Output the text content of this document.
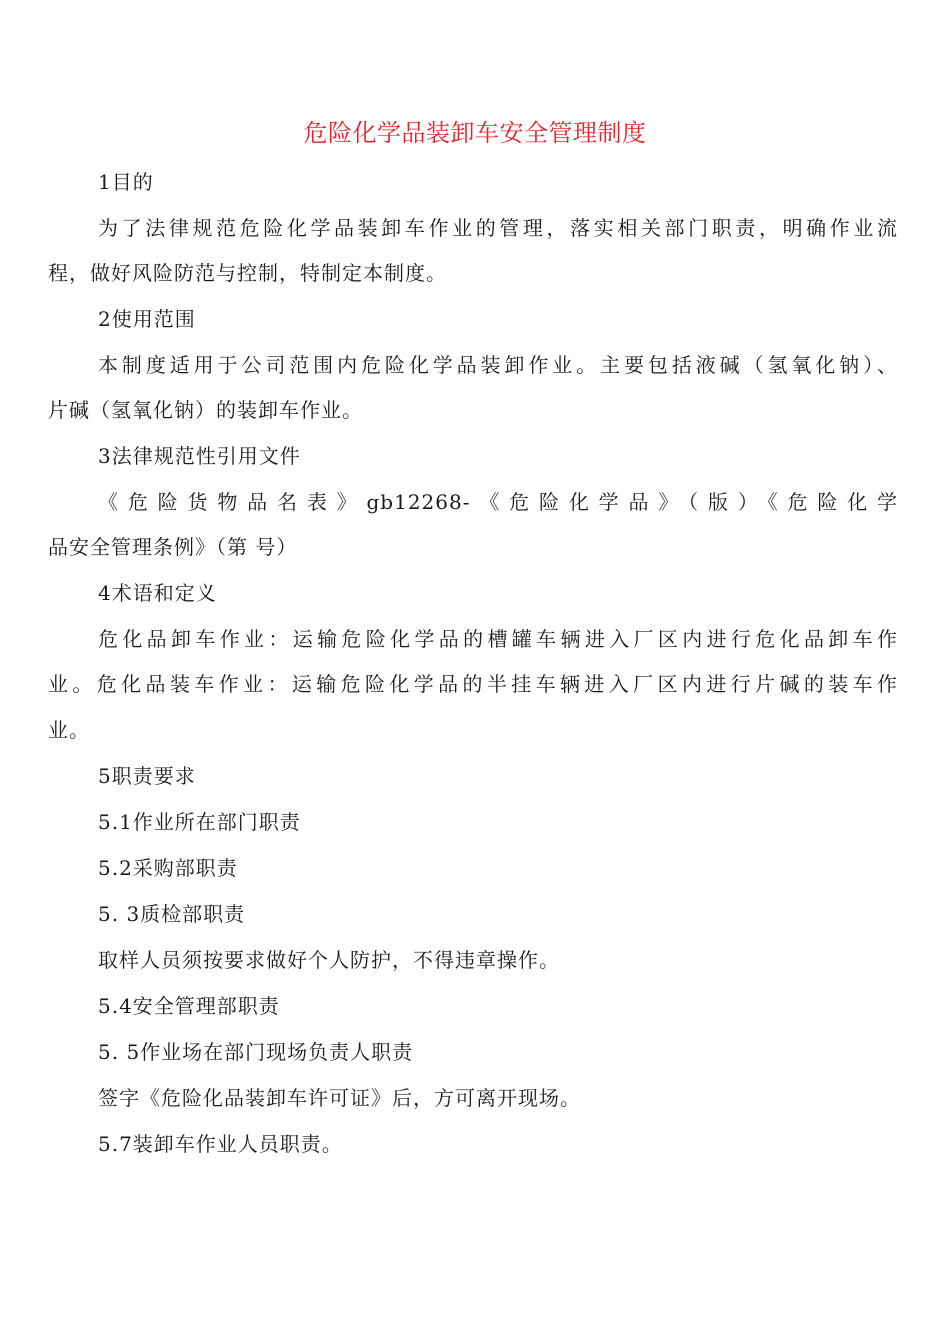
危险化学品装卸车安全管理制度
1目的
为了法律规范危险化学品装卸车作业的管理，落实相关部门职责，明确作业流
程，做好风险防范与控制，特制定本制度。
2使用范围
本制度适用于公司范围内危险化学品装卸作业。主要包括液碱（氢氧化钠）、
片碱（氢氧化钠）的装卸车作业。
3法律规范性引用文件
《危险货物品名表》gb12268-《危险化学品》（版）《危险化学
品安全管理条例》（第 号）
4术语和定义
危化品卸车作业：运输危险化学品的槽罐车辆进入厂区内进行危化品卸车作
业。危化品装车作业：运输危险化学品的半挂车辆进入厂区内进行片碱的装车作
业。
5职责要求
5.1作业所在部门职责
5.2采购部职责
5. 3质检部职责
取样人员须按要求做好个人防护，不得违章操作。
5.4安全管理部职责
5. 5作业场在部门现场负责人职责
签字《危险化品装卸车许可证》后，方可离开现场。
5.7装卸车作业人员职责。
